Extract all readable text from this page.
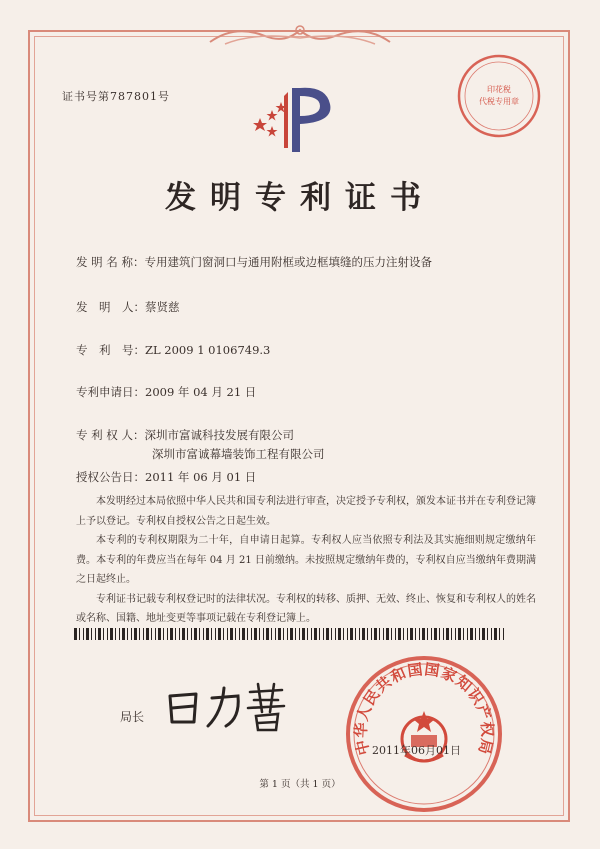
证书号第787801号
印花税
代税专用章
发明专利证书
发 明 名 称：专用建筑门窗洞口与通用附框或边框填缝的压力注射设备
发　明　人：蔡贤慈
专　利　号：ZL 2009 1 0106749.3
专利申请日：2009 年 04 月 21 日
专 利 权 人：深圳市富诚科技发展有限公司
深圳市富诚幕墙装饰工程有限公司
授权公告日：2011 年 06 月 01 日

本发明经过本局依照中华人民共和国专利法进行审查，决定授予专利权，颁发本证书并在专利登记簿上予以登记。专利权自授权公告之日起生效。

本专利的专利权期限为二十年，自申请日起算。专利权人应当依照专利法及其实施细则规定缴纳年费。本专利的年费应当在每年 04 月 21 日前缴纳。未按照规定缴纳年费的，专利权自应当缴纳年费期满之日起终止。

专利证书记载专利权登记时的法律状况。专利权的转移、质押、无效、终止、恢复和专利权人的姓名或名称、国籍、地址变更等事项记载在专利登记簿上。

局长
中华人民共和国国家知识产权局
2011年06月01日
第 1 页（共 1 页）
